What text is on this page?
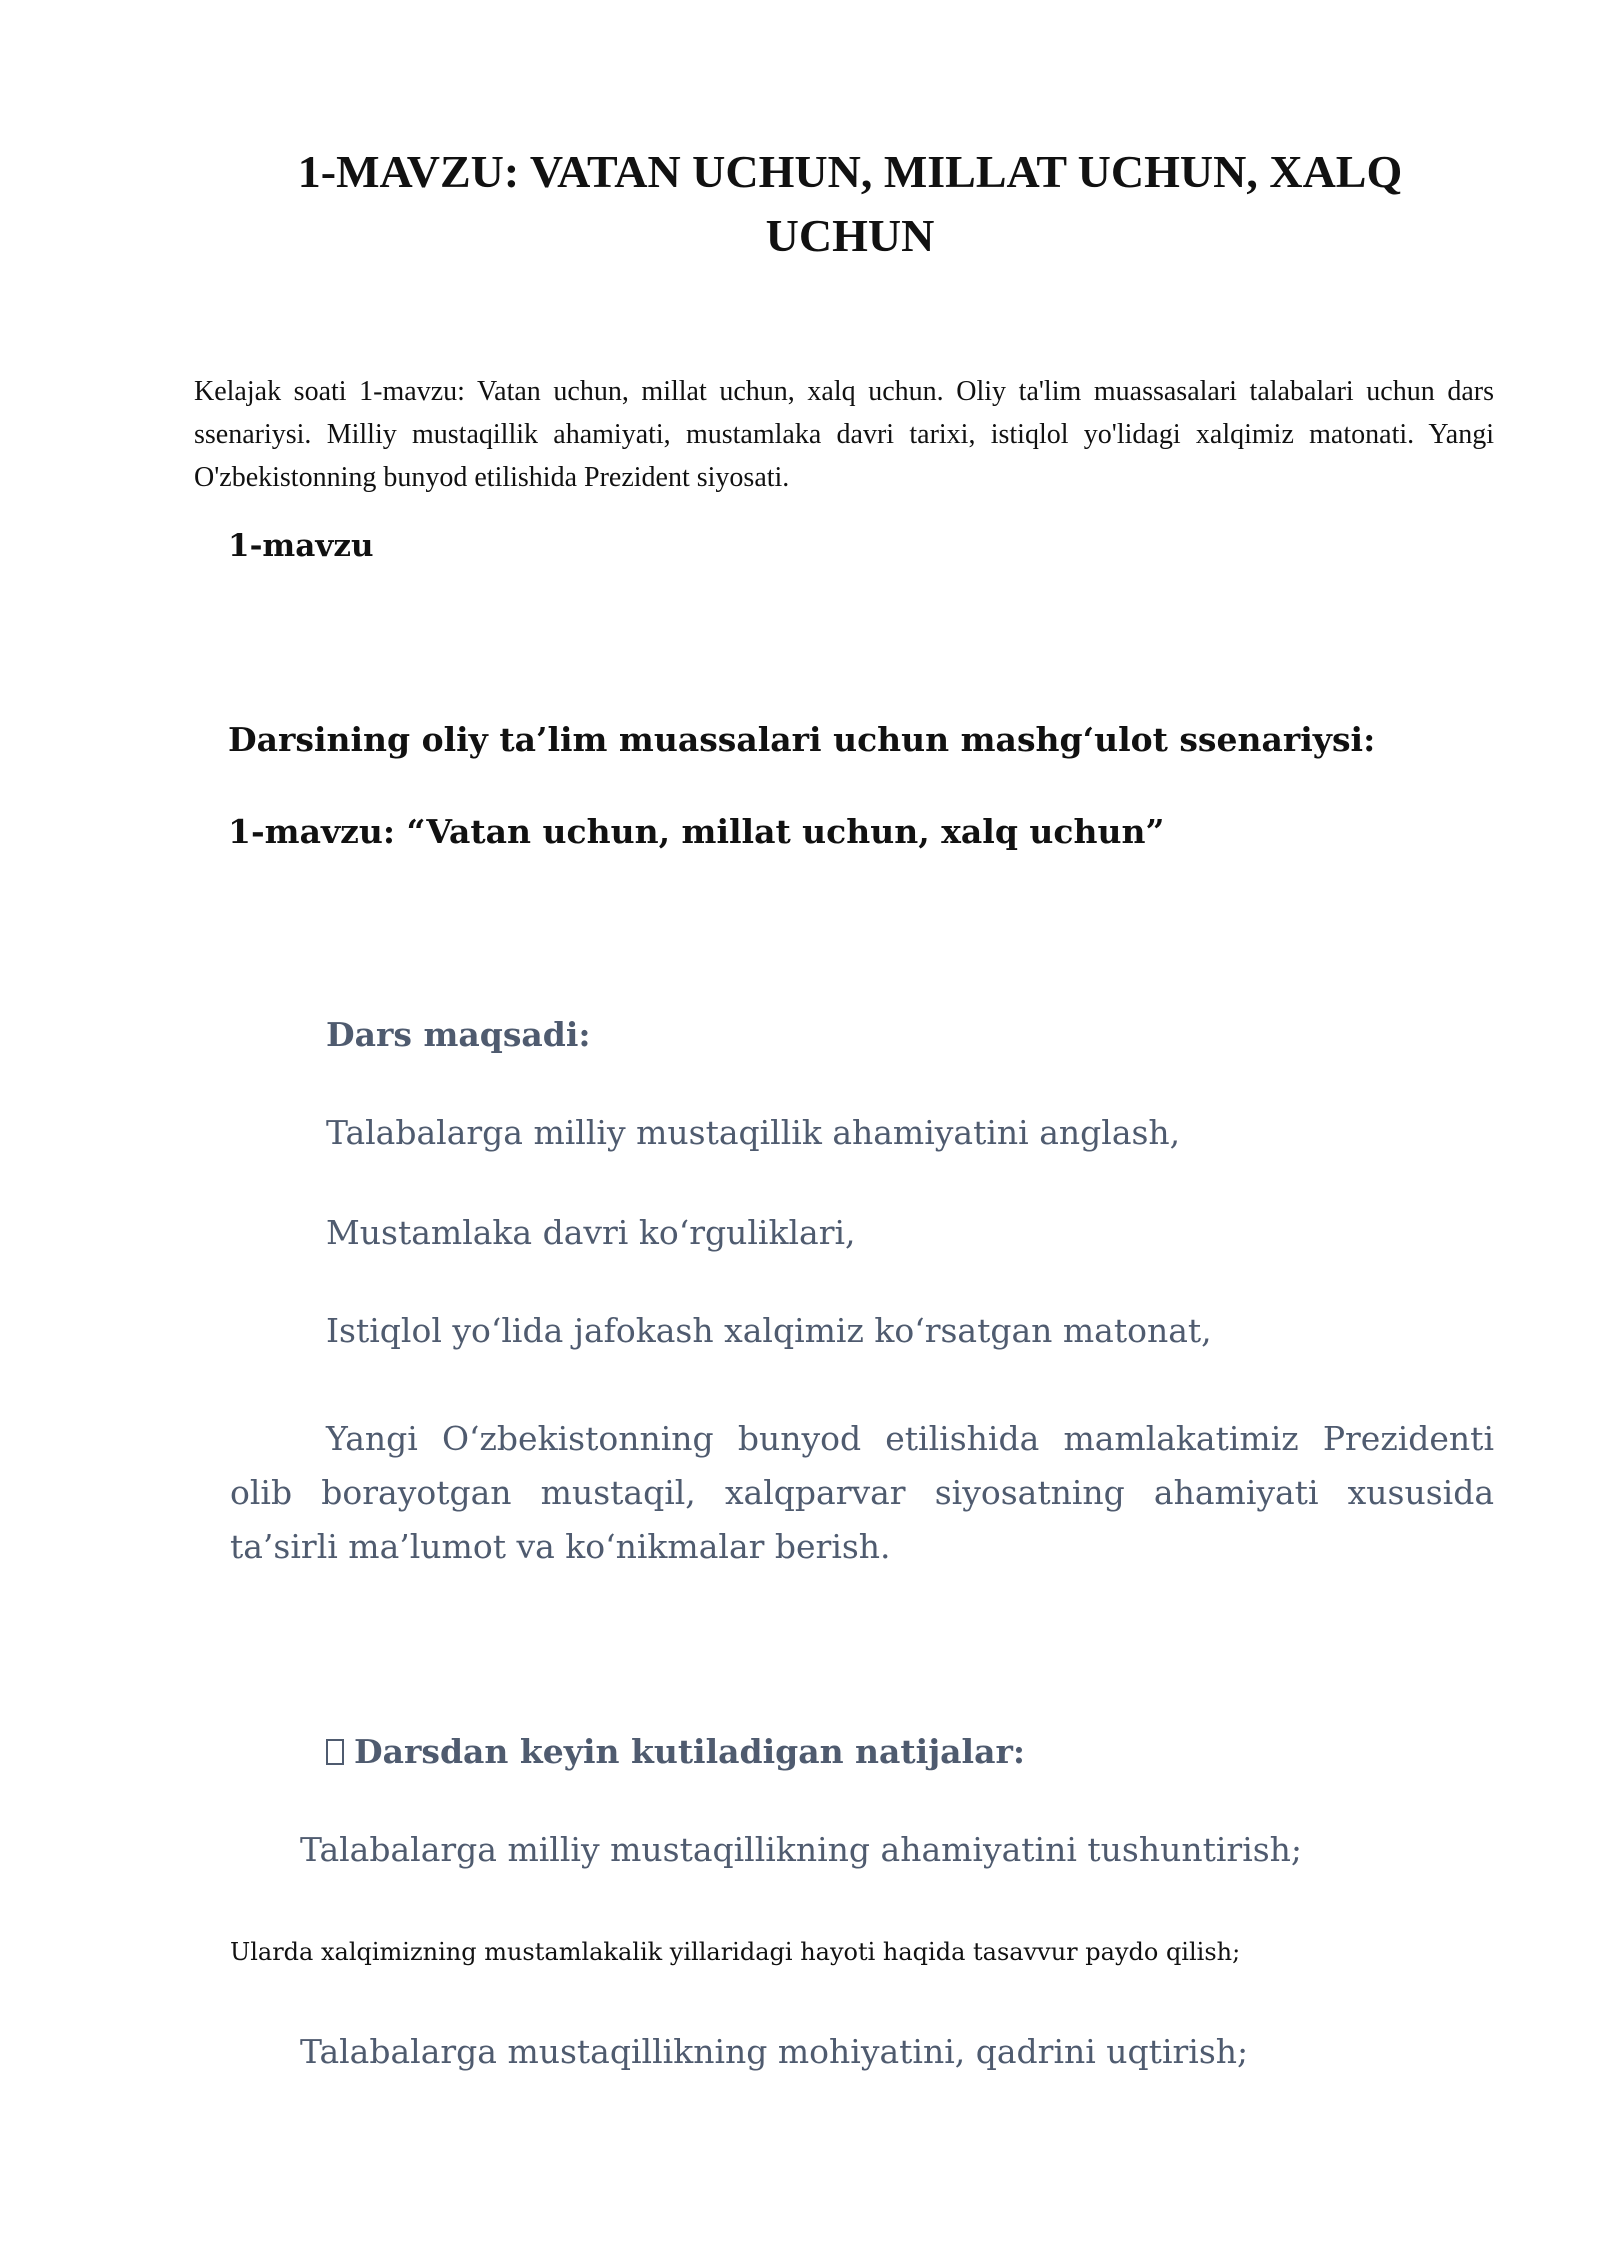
1-MAVZU: VATAN UCHUN, MILLAT UCHUN, XALQ UCHUN
Kelajak soati 1-mavzu: Vatan uchun, millat uchun, xalq uchun. Oliy ta'lim muassasalari talabalari uchun dars ssenariysi. Milliy mustaqillik ahamiyati, mustamlaka davri tarixi, istiqlol yo'lidagi xalqimiz matonati. Yangi O'zbekistonning bunyod etilishida Prezident siyosati.
1-mavzu
Darsining oliy ta’lim muassalari uchun mashg‘ulot ssenariysi:
1-mavzu: “Vatan uchun, millat uchun, xalq uchun”
Dars maqsadi:
Talabalarga milliy mustaqillik ahamiyatini anglash,
Mustamlaka davri ko‘rguliklari,
Istiqlol yo‘lida jafokash xalqimiz ko‘rsatgan matonat,
Yangi O‘zbekistonning bunyod etilishida mamlakatimiz Prezidenti olib borayotgan mustaqil, xalqparvar siyosatning ahamiyati xususida ta’sirli ma’lumot va ko‘nikmalar berish.
Darsdan keyin kutiladigan natijalar:
Talabalarga milliy mustaqillikning ahamiyatini tushuntirish;
Ularda xalqimizning mustamlakalik yillaridagi hayoti haqida tasavvur paydo qilish;
Talabalarga mustaqillikning mohiyatini, qadrini uqtirish;
